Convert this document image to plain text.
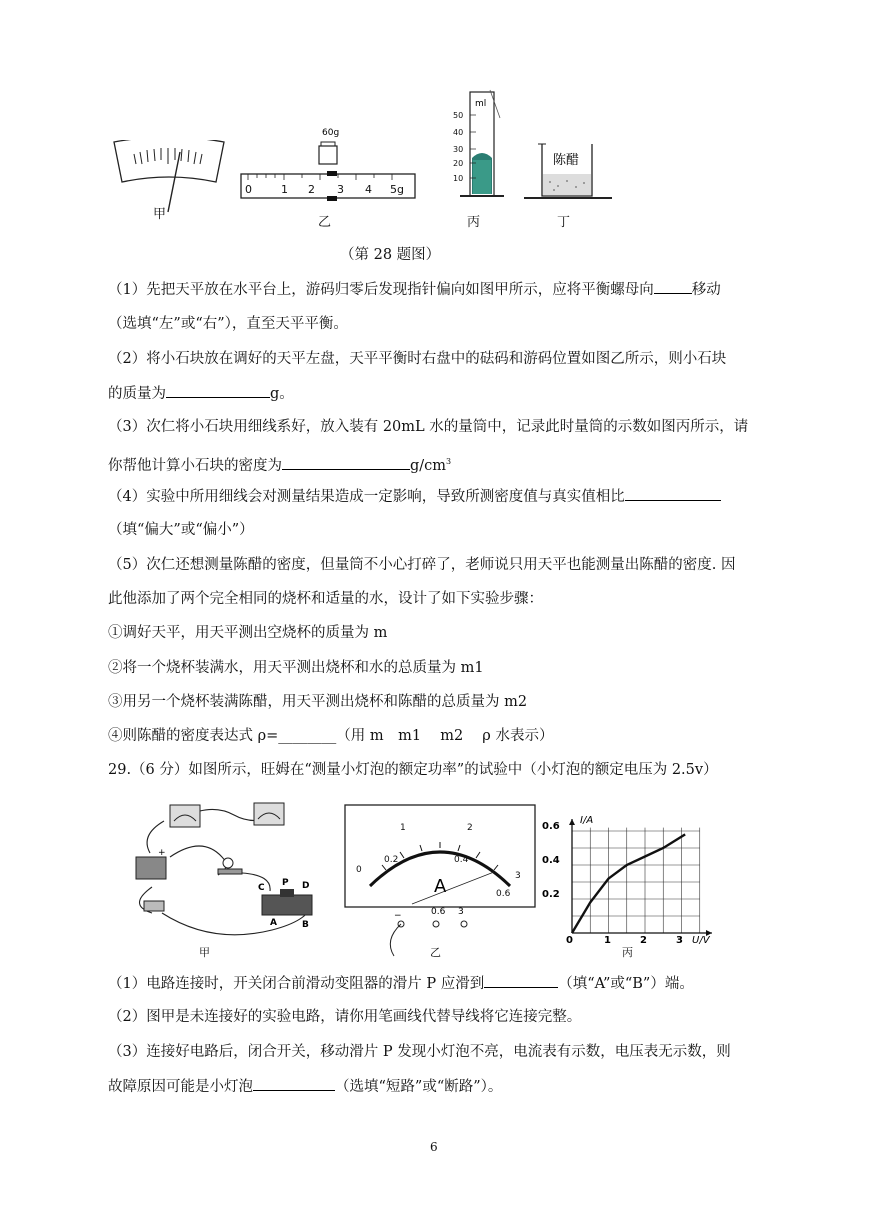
甲
60g
0	1 2 3 4 5g
乙
ml
50
40
30
20
10
丙
陈醋
丁
（第 28 题图）
（1）先把天平放在水平台上，游码归零后发现指针偏向如图甲所示，应将平衡螺母向	移动
（选填“左”或“右”），直至天平平衡。
（2）将小石块放在调好的天平左盘，天平平衡时右盘中的砝码和游码位置如图乙所示，则小石块
的质量为	g。
（3）次仁将小石块用细线系好，放入装有 20mL 水的量筒中，记录此时量筒的示数如图丙所示，请
你帮他计算小石块的密度为	$g/cm^3$
（4）实验中所用细线会对测量结果造成一定影响，导致所测密度值与真实值相比
（填“偏大”或“偏小”）
（5）次仁还想测量陈醋的密度，但量筒不小心打碎了，老师说只用天平也能测量出陈醋的密度. 因
此他添加了两个完全相同的烧杯和适量的水，设计了如下实验步骤：
①调好天平，用天平测出空烧杯的质量为 m
②将一个烧杯装满水，用天平测出烧杯和水的总质量为 m1
③用另一个烧杯装满陈醋，用天平测出烧杯和陈醋的总质量为 m2
④则陈醋的密度表达式 ρ=________（用 m　m1　 m2　 ρ 水表示）
29.（6 分）如图所示，旺姆在“测量小灯泡的额定功率”的试验中（小灯泡的额定电压为 2.5v）
+
C P D
A	B
甲
0
1	2
3
0.2	0.4
0.6
A
−	0.6 3
乙
I/A
U/V
0.6
0.4
0.2
0	1	2	3
丙
（1）电路连接时，开关闭合前滑动变阻器的滑片 P 应滑到	（填“A”或“B”）端。
（2）图甲是未连接好的实验电路，请你用笔画线代替导线将它连接完整。
（3）连接好电路后，闭合开关，移动滑片 P 发现小灯泡不亮，电流表有示数，电压表无示数，则
故障原因可能是小灯泡	（选填“短路”或“断路”）。
6
